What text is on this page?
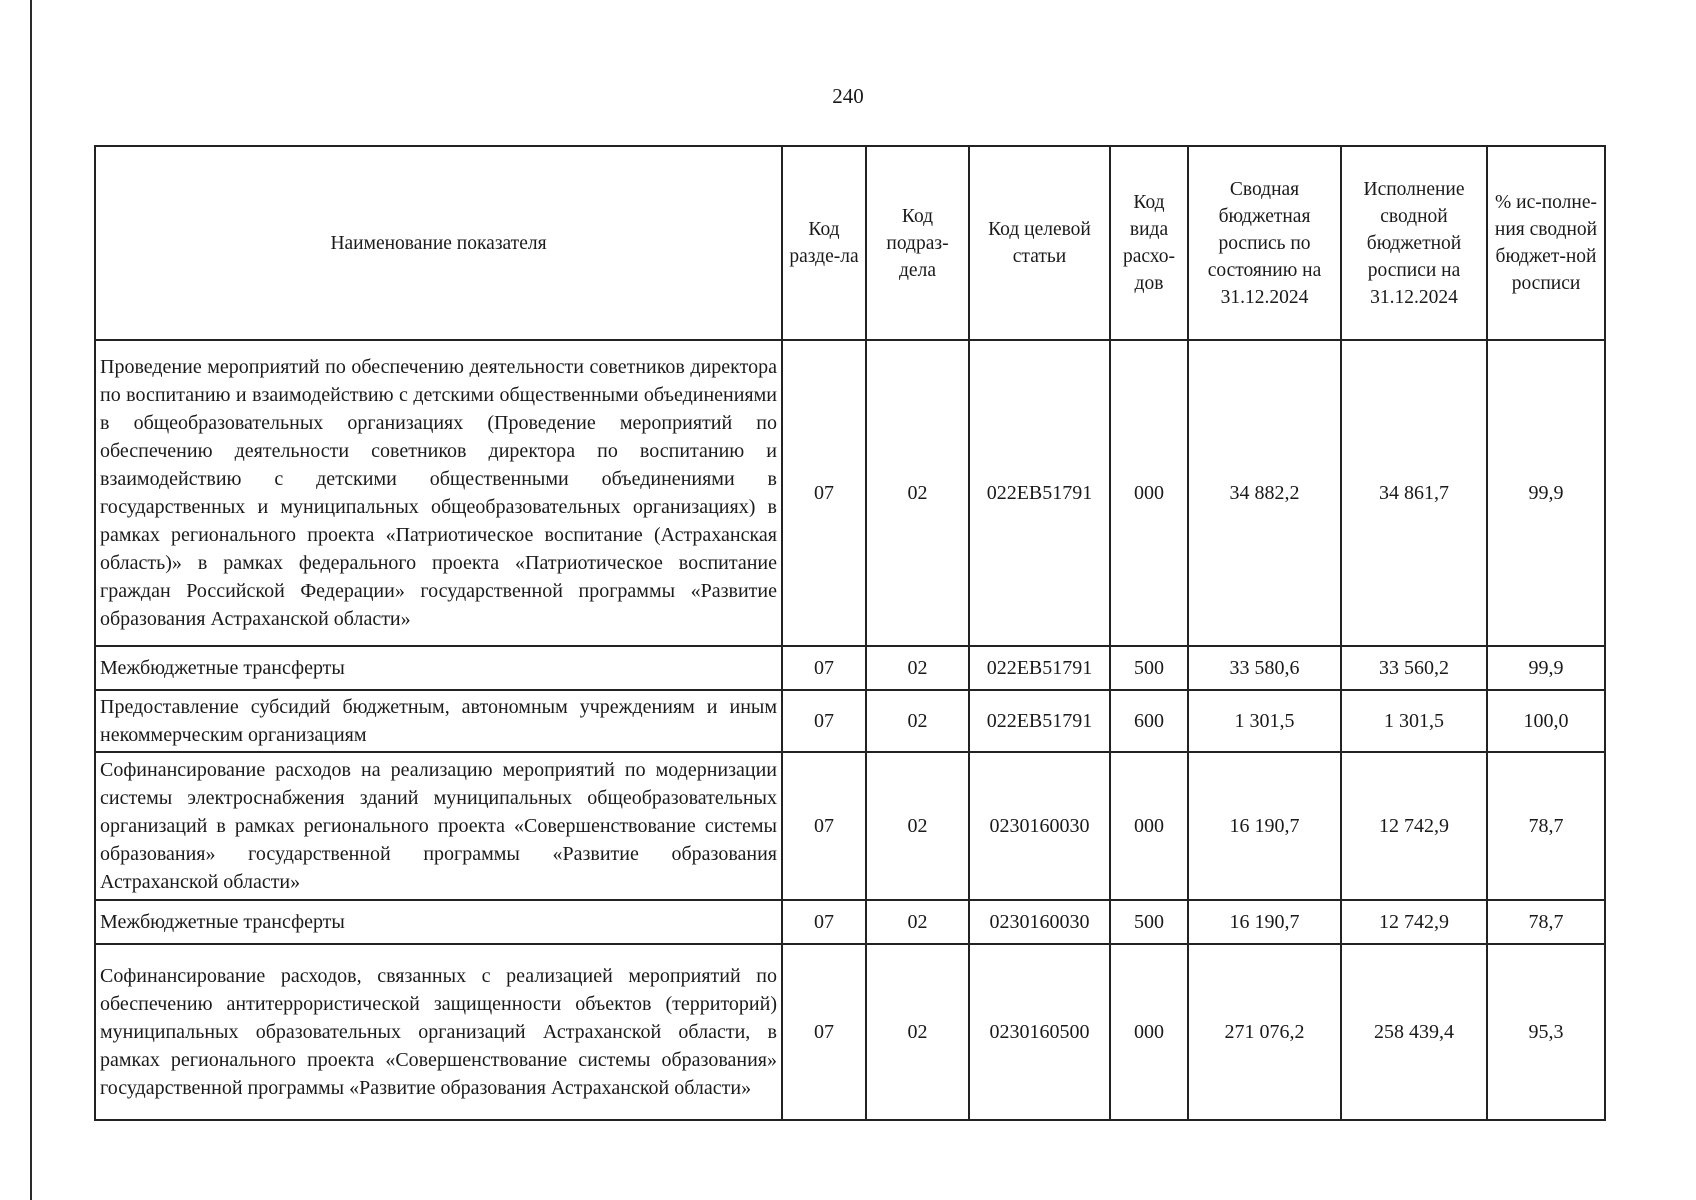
240
Наименование показателя	Код разде-ла	Код подраз-дела	Код целевой статьи	Код вида расхо-дов	Сводная бюджетная роспись по состоянию на 31.12.2024	Исполнение сводной бюджетной росписи на 31.12.2024	% ис-полне-ния сводной бюджет-ной росписи
Проведение мероприятий по обеспечению деятельности советников директора по воспитанию и взаимодействию с детскими общественными объединениями в общеобразовательных организациях (Проведение мероприятий по обеспечению деятельности советников директора по воспитанию и взаимодействию с детскими общественными объединениями в государственных и муниципальных общеобразовательных организациях) в рамках регионального проекта «Патриотическое воспитание (Астраханская область)» в рамках федерального проекта «Патриотическое воспитание граждан Российской Федерации» государственной программы «Развитие образования Астраханской области»	07	02	022EB51791	000	34 882,2	34 861,7	99,9
Межбюджетные трансферты	07	02	022EB51791	500	33 580,6	33 560,2	99,9
Предоставление субсидий бюджетным, автономным учреждениям и иным некоммерческим организациям	07	02	022EB51791	600	1 301,5	1 301,5	100,0
Софинансирование расходов на реализацию мероприятий по модернизации системы электроснабжения зданий муниципальных общеобразовательных организаций в рамках регионального проекта «Совершенствование системы образования» государственной программы «Развитие образования Астраханской области»	07	02	0230160030	000	16 190,7	12 742,9	78,7
Межбюджетные трансферты	07	02	0230160030	500	16 190,7	12 742,9	78,7
Софинансирование расходов, связанных с реализацией мероприятий по обеспечению антитеррористической защищенности объектов (территорий) муниципальных образовательных организаций Астраханской области, в рамках регионального проекта «Совершенствование системы образования» государственной программы «Развитие образования Астраханской области»	07	02	0230160500	000	271 076,2	258 439,4	95,3
